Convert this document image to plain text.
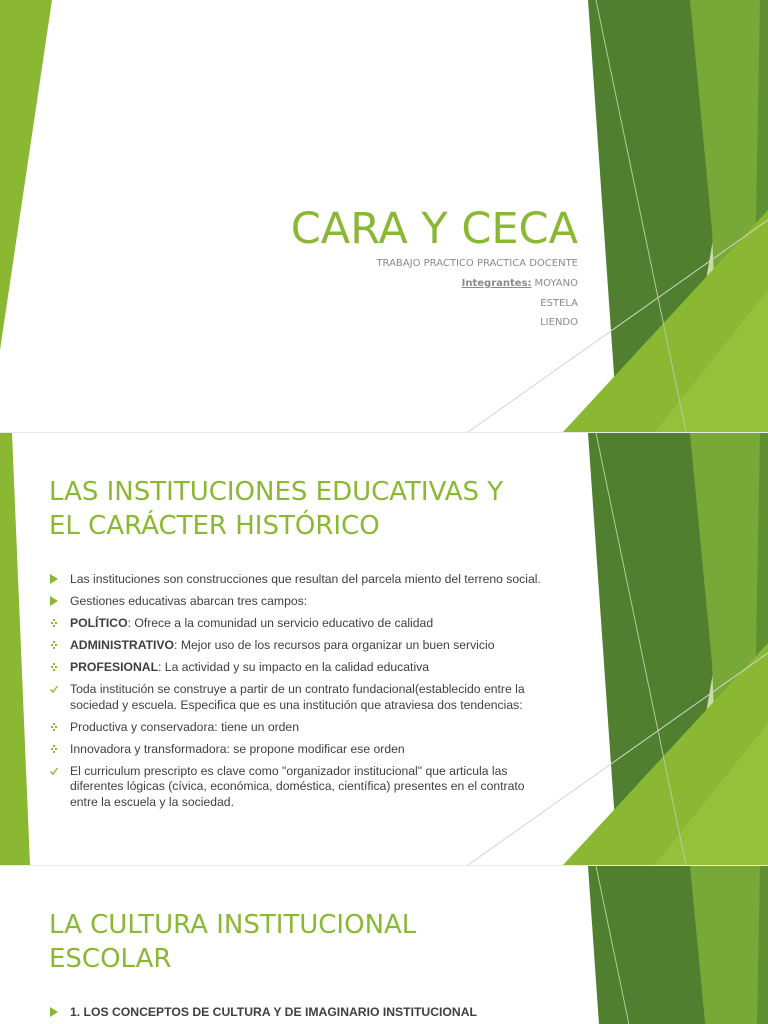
CARA Y CECA
TRABAJO PRACTICO PRACTICA DOCENTE
Integrantes: MOYANO
ESTELA
LIENDO
LAS INSTITUCIONES EDUCATIVAS Y
EL CARÁCTER HISTÓRICO
Las instituciones son construcciones que resultan del parcela miento del terreno social.
Gestiones educativas abarcan tres campos:
POLÍTICO: Ofrece a la comunidad un servicio educativo de calidad
ADMINISTRATIVO: Mejor uso de los recursos para organizar un buen servicio
PROFESIONAL: La actividad y su impacto en la calidad educativa
Toda institución se construye a partir de un contrato fundacional(establecido entre la sociedad y escuela. Especifica que es una institución que atraviesa dos tendencias:
Productiva y conservadora: tiene un orden
Innovadora y transformadora: se propone modificar ese orden
El curriculum prescripto es clave como "organizador institucional" que articula las diferentes lógicas (cívica, económica, doméstica, científica) presentes en el contrato entre la escuela y la sociedad.
LA CULTURA INSTITUCIONAL
ESCOLAR
1. LOS CONCEPTOS DE CULTURA Y DE IMAGINARIO INSTITUCIONAL
